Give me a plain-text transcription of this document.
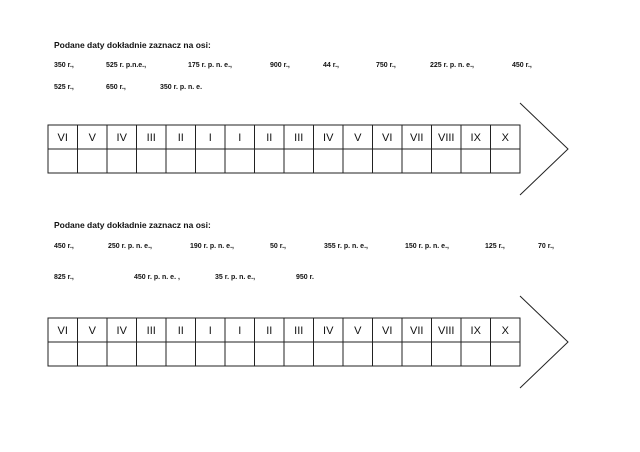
Podane daty dokładnie zaznacz na osi:
350 r.,	525 r. p.n.e.,	175 r. p. n. e.,	900 r.,	44 r.,	750 r.,	225 r. p. n. e.,	450 r.,
525 r.,	650 r.,	350 r. p. n. e.
Podane daty dokładnie zaznacz na osi:
450 r.,	250 r. p. n. e.,	190 r. p. n. e.,	50 r.,	355 r. p. n. e.,	150 r. p. n. e.,	125 r.,	70 r.,
825 r.,	450 r. p. n. e. ,	35 r. p. n. e.,	950 r.
VI V IV III II I I II III IV V VI VII VIII IX X
VI V IV III II I I II III IV V VI VII VIII IX X
